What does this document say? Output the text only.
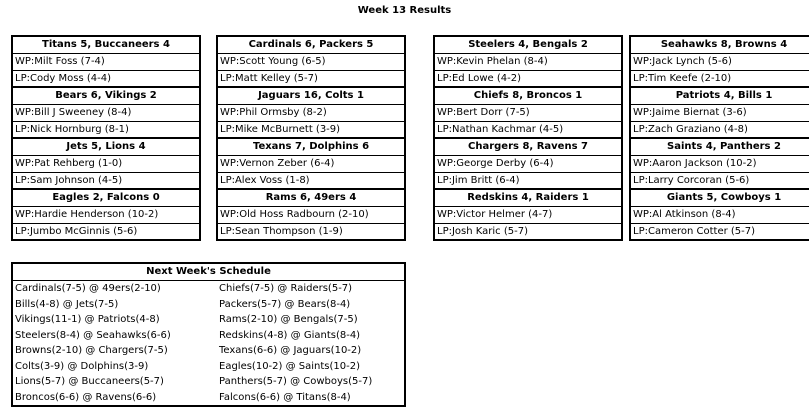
Week 13 Results
Titans 5, Buccaneers 4
WP:Milt Foss (7-4)
LP:Cody Moss (4-4)
Bears 6, Vikings 2
WP:Bill J Sweeney (8-4)
LP:Nick Hornburg (8-1)
Jets 5, Lions 4
WP:Pat Rehberg (1-0)
LP:Sam Johnson (4-5)
Eagles 2, Falcons 0
WP:Hardie Henderson (10-2)
LP:Jumbo McGinnis (5-6)
Cardinals 6, Packers 5
WP:Scott Young (6-5)
LP:Matt Kelley (5-7)
Jaguars 16, Colts 1
WP:Phil Ormsby (8-2)
LP:Mike McBurnett (3-9)
Texans 7, Dolphins 6
WP:Vernon Zeber (6-4)
LP:Alex Voss (1-8)
Rams 6, 49ers 4
WP:Old Hoss Radbourn (2-10)
LP:Sean Thompson (1-9)
Steelers 4, Bengals 2
WP:Kevin Phelan (8-4)
LP:Ed Lowe (4-2)
Chiefs 8, Broncos 1
WP:Bert Dorr (7-5)
LP:Nathan Kachmar (4-5)
Chargers 8, Ravens 7
WP:George Derby (6-4)
LP:Jim Britt (6-4)
Redskins 4, Raiders 1
WP:Victor Helmer (4-7)
LP:Josh Karic (5-7)
Seahawks 8, Browns 4
WP:Jack Lynch (5-6)
LP:Tim Keefe (2-10)
Patriots 4, Bills 1
WP:Jaime Biernat (3-6)
LP:Zach Graziano (4-8)
Saints 4, Panthers 2
WP:Aaron Jackson (10-2)
LP:Larry Corcoran (5-6)
Giants 5, Cowboys 1
WP:Al Atkinson (8-4)
LP:Cameron Cotter (5-7)
Next Week's Schedule
Cardinals(7-5) @ 49ers(2-10)
Bills(4-8) @ Jets(7-5)
Vikings(11-1) @ Patriots(4-8)
Steelers(8-4) @ Seahawks(6-6)
Browns(2-10) @ Chargers(7-5)
Colts(3-9) @ Dolphins(3-9)
Lions(5-7) @ Buccaneers(5-7)
Broncos(6-6) @ Ravens(6-6)
Chiefs(7-5) @ Raiders(5-7)
Packers(5-7) @ Bears(8-4)
Rams(2-10) @ Bengals(7-5)
Redskins(4-8) @ Giants(8-4)
Texans(6-6) @ Jaguars(10-2)
Eagles(10-2) @ Saints(10-2)
Panthers(5-7) @ Cowboys(5-7)
Falcons(6-6) @ Titans(8-4)
